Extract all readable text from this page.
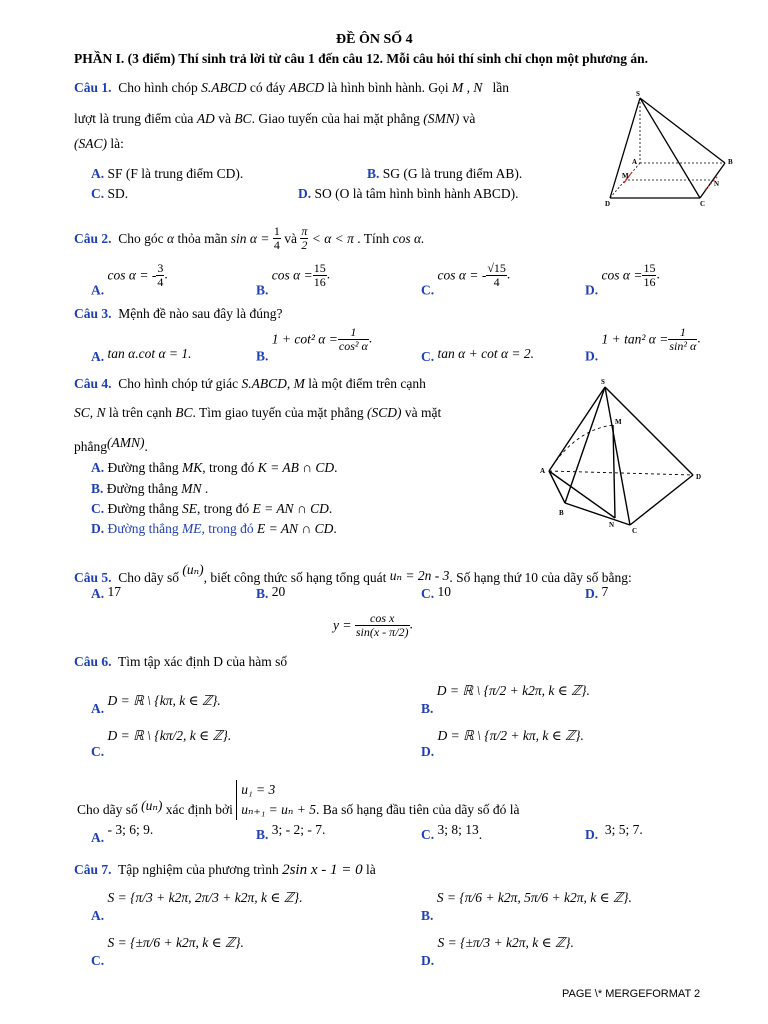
ĐỀ ÔN SỐ 4
PHẦN I. (3 điểm) Thí sinh trả lời từ câu 1 đến câu 12. Mỗi câu hỏi thí sinh chỉ chọn một phương án.
Câu 1. Cho hình chóp S.ABCD có đáy ABCD là hình bình hành. Gọi M , N lần
lượt là trung điểm của AD và BC. Giao tuyến của hai mặt phẳng (SMN) và
(SAC) là:
A. SF (F là trung điểm CD).	B. SG (G là trung điểm AB).
C. SD.	D. SO (O là tâm hình bình hành ABCD).
S
A	B
C
D
M
N
Câu 2. Cho góc α thỏa mãn $\sin \alpha = \frac{1}{4}$ và $\frac{\pi}{2} < \alpha < \pi$ . Tính cos α.
A. cos α = - $\frac{3}{4}$ .
B. $\cos \alpha = \frac{15}{16}$ .
C. cos α = - $\frac{√15}{4}$ .
D. $\cos \alpha = \frac{15}{16}$ .
Câu 3. Mệnh đề nào sau đây là đúng?
A. tan α.cot α = 1.	B. 1 + cot² $\alpha = \frac{1}{\text{cos² α}}$ .
C. tan α + cot α = 2.	D. 1 + tan² $\alpha = \frac{1}{\text{sin² α}}$ .
Câu 4. Cho hình chóp tứ giác S.ABCD, M là một điểm trên cạnh
SC, N là trên cạnh BC. Tìm giao tuyến của mặt phẳng (SCD) và mặt
phẳng(AMN).
A. Đường thẳng MK, trong đó K = AB ∩ CD.
B. Đường thẳng MN .
C. Đường thẳng SE, trong đó E = AN ∩ CD.
D. Đường thẳng ME, trong đó E = AN ∩ CD.
S
M
A
B
N
C
D
Câu 5. Cho dãy số (uₙ), biết công thức số hạng tổng quát uₙ = 2n - 3. Số hạng thứ 10 của dãy số bằng:
A. 17	B. 20	C. 10	D. 7
$y = \frac{\text{cos x}}{\sin(x - \pi/2)}$ .
Câu 6. Tìm tập xác định D của hàm số
A. D = ℝ \ {kπ, k ∈ ℤ}.
B. D = ℝ \ {π/2 + k2π, k ∈ ℤ}.
C. D = ℝ \ {kπ/2, k ∈ ℤ}.
D. D = ℝ \ {π/2 + kπ, k ∈ ℤ}.
Cho dãy số (uₙ) xác định bởi
u₁ = 3
uₙ₊₁ = uₙ + 5 . Ba số hạng đầu tiên của dãy số đó là
A. - 3; 6; 9.	B. 3; - 2; - 7.	C. 3; 8; 13.	D. 3; 5; 7.
Câu 7. Tập nghiệm của phương trình 2sin x - 1 = 0 là
A. S = {π/3 + k2π, 2π/3 + k2π, k ∈ ℤ}.
B. S = {π/6 + k2π, 5π/6 + k2π, k ∈ ℤ}.
C. S = {±π/6 + k2π, k ∈ ℤ}.
D. S = {±π/3 + k2π, k ∈ ℤ}.
PAGE \* MERGEFORMAT 2
